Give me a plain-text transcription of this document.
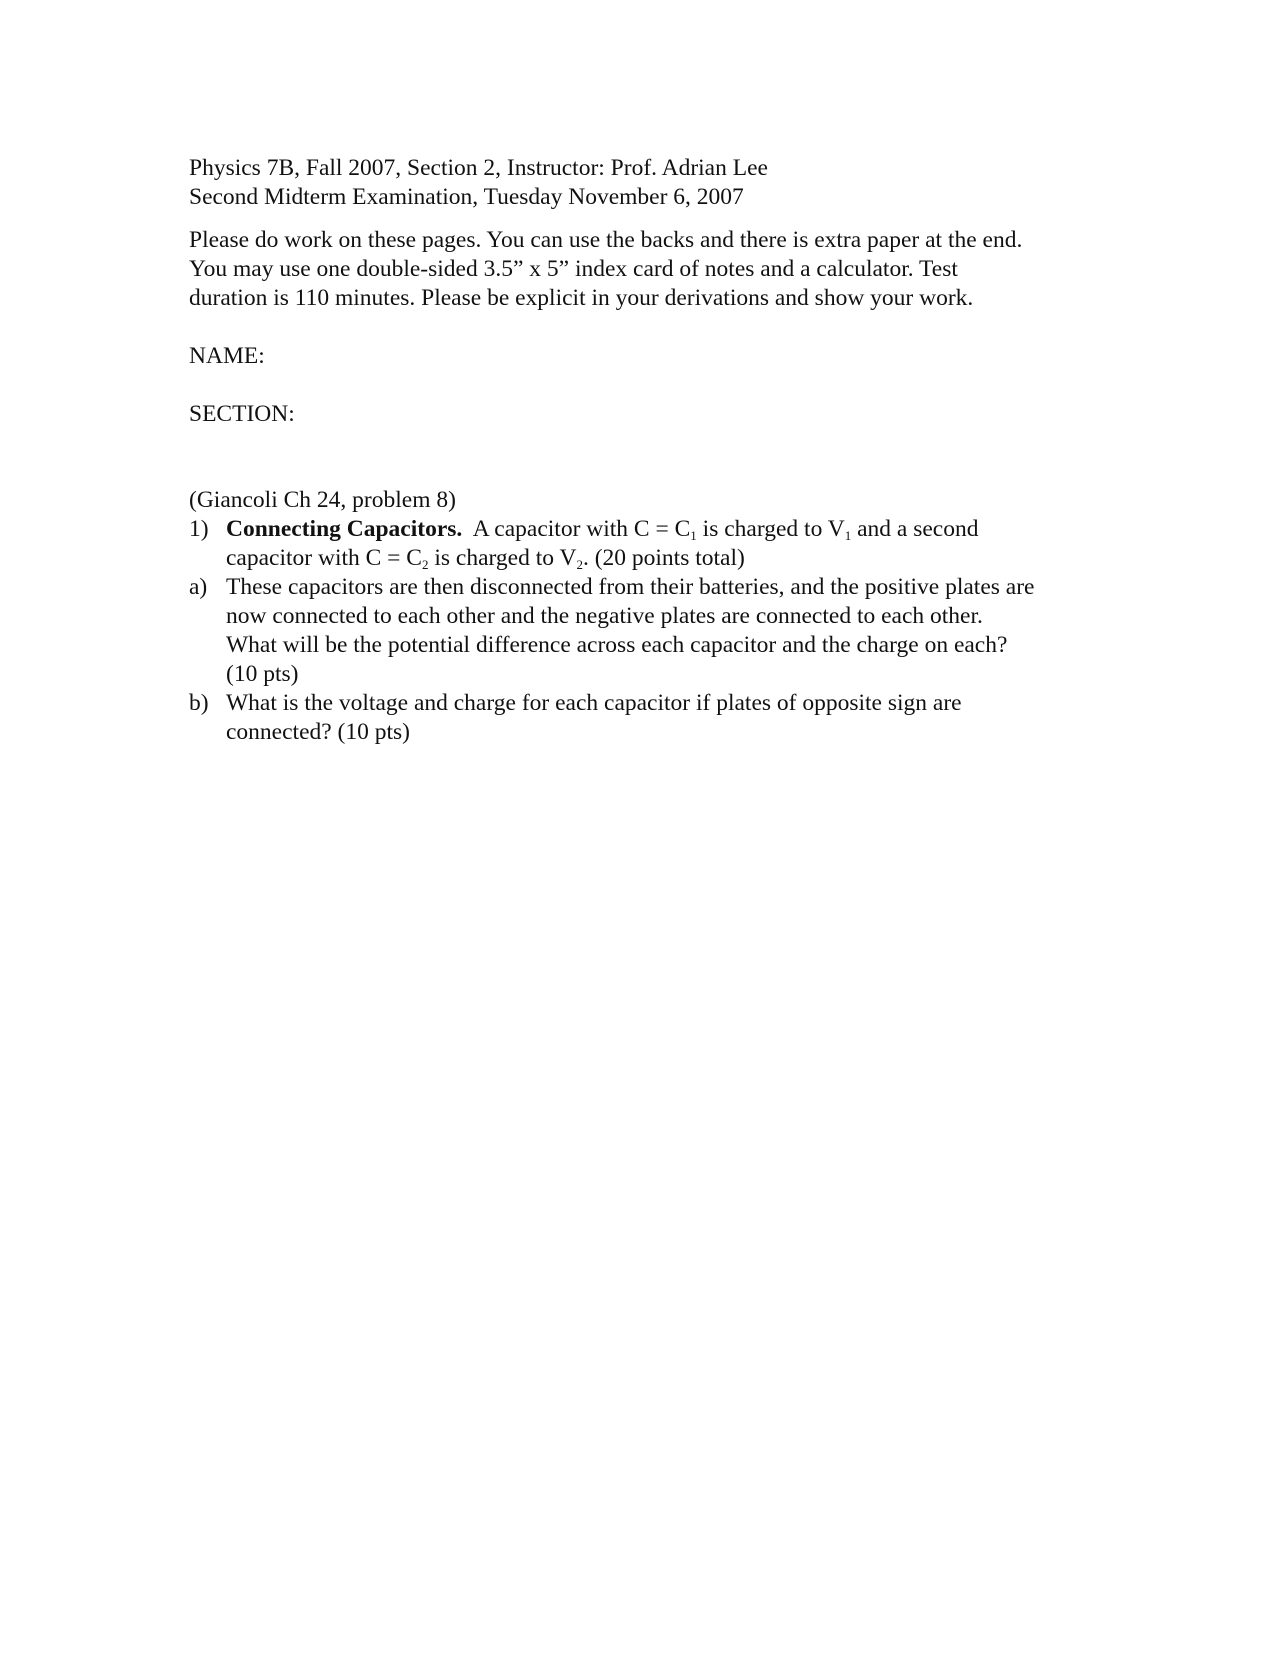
Physics 7B, Fall 2007, Section 2, Instructor: Prof. Adrian Lee
Second Midterm Examination, Tuesday November 6, 2007
Please do work on these pages. You can use the backs and there is extra paper at the end.
You may use one double-sided 3.5” x 5” index card of notes and a calculator. Test
duration is 110 minutes. Please be explicit in your derivations and show your work.
NAME:
SECTION:
(Giancoli Ch 24, problem 8)
1) Connecting Capacitors.  A capacitor with $C = C_1$ is charged to $V_1$ and a second
capacitor with $C = C_2$ is charged to $V_2$. (20 points total)
a) These capacitors are then disconnected from their batteries, and the positive plates are
now connected to each other and the negative plates are connected to each other.
What will be the potential difference across each capacitor and the charge on each?
(10 pts)
b) What is the voltage and charge for each capacitor if plates of opposite sign are
connected? (10 pts)
